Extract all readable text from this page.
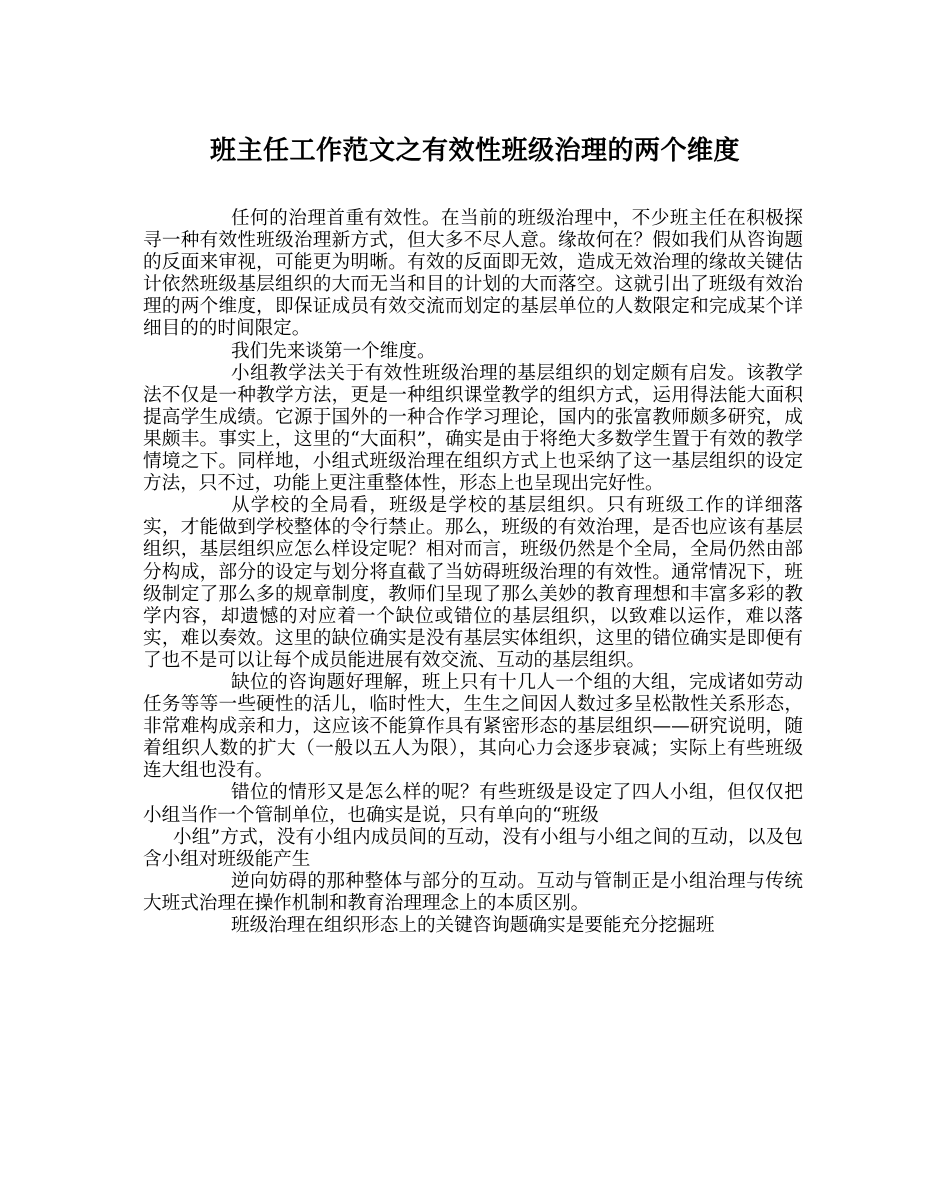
班主任工作范文之有效性班级治理的两个维度

任何的治理首重有效性。在当前的班级治理中，不少班主任在积极探寻一种有效性班级治理新方式，但大多不尽人意。缘故何在？假如我们从咨询题的反面来审视，可能更为明晰。有效的反面即无效，造成无效治理的缘故关键估计依然班级基层组织的大而无当和目的计划的大而落空。这就引出了班级有效治理的两个维度，即保证成员有效交流而划定的基层单位的人数限定和完成某个详细目的的时间限定。

我们先来谈第一个维度。

小组教学法关于有效性班级治理的基层组织的划定颇有启发。该教学法不仅是一种教学方法，更是一种组织课堂教学的组织方式，运用得法能大面积提高学生成绩。它源于国外的一种合作学习理论，国内的张富教师颇多研究，成果颇丰。事实上，这里的“大面积”，确实是由于将绝大多数学生置于有效的教学情境之下。同样地，小组式班级治理在组织方式上也采纳了这一基层组织的设定方法，只不过，功能上更注重整体性，形态上也呈现出完好性。

从学校的全局看，班级是学校的基层组织。只有班级工作的详细落实，才能做到学校整体的令行禁止。那么，班级的有效治理，是否也应该有基层组织，基层组织应怎么样设定呢？相对而言，班级仍然是个全局，全局仍然由部分构成，部分的设定与划分将直截了当妨碍班级治理的有效性。通常情况下，班级制定了那么多的规章制度，教师们呈现了那么美妙的教育理想和丰富多彩的教学内容，却遗憾的对应着一个缺位或错位的基层组织，以致难以运作，难以落实，难以奏效。这里的缺位确实是没有基层实体组织，这里的错位确实是即便有了也不是可以让每个成员能进展有效交流、互动的基层组织。

缺位的咨询题好理解，班上只有十几人一个组的大组，完成诸如劳动任务等等一些硬性的活儿，临时性大，生生之间因人数过多呈松散性关系形态，非常难构成亲和力，这应该不能算作具有紧密形态的基层组织——研究说明，随着组织人数的扩大（一般以五人为限），其向心力会逐步衰减；实际上有些班级连大组也没有。

错位的情形又是怎么样的呢？有些班级是设定了四人小组，但仅仅把小组当作一个管制单位，也确实是说，只有单向的“班级

小组”方式，没有小组内成员间的互动，没有小组与小组之间的互动，以及包含小组对班级能产生

逆向妨碍的那种整体与部分的互动。互动与管制正是小组治理与传统大班式治理在操作机制和教育治理理念上的本质区别。

班级治理在组织形态上的关键咨询题确实是要能充分挖掘班
